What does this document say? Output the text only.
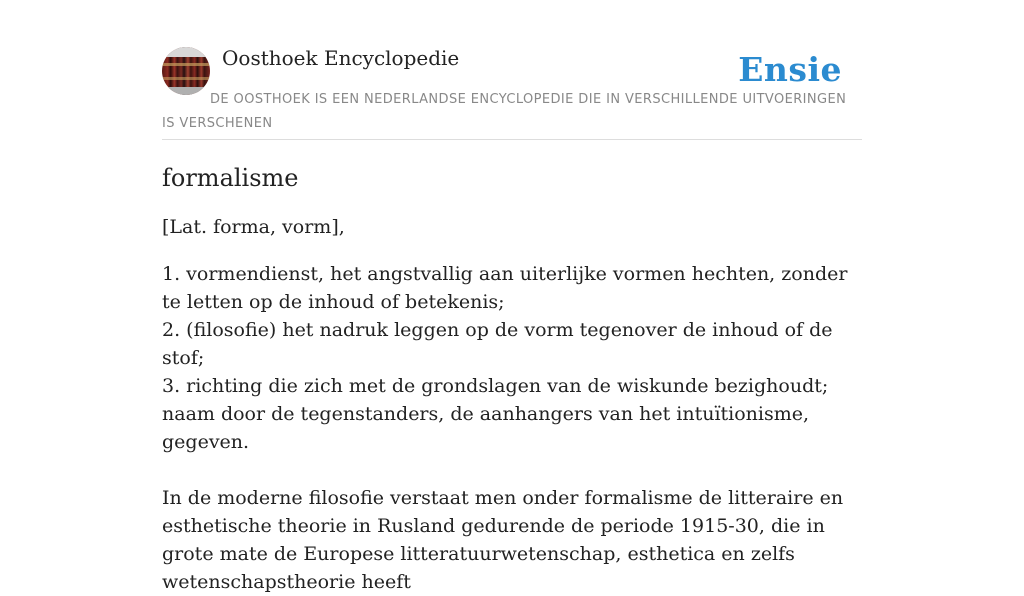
Oosthoek Encyclopedie	Ensie
DE OOSTHOEK IS EEN NEDERLANDSE ENCYCLOPEDIE DIE IN VERSCHILLENDE UITVOERINGEN IS VERSCHENEN
formalisme
[Lat. forma, vorm],

1. vormendienst, het angstvallig aan uiterlijke vormen hechten, zonder te letten op de inhoud of betekenis;

2. (filosofie) het nadruk leggen op de vorm tegenover de inhoud of de stof;

3. richting die zich met de grondslagen van de wiskunde bezighoudt; naam door de tegenstanders, de aanhangers van het intuïtionisme, gegeven.

In de moderne filosofie verstaat men onder formalisme de litteraire en esthetische theorie in Rusland gedurende de periode 1915-30, die in grote mate de Europese litteratuurwetenschap, esthetica en zelfs wetenschapstheorie heeft
